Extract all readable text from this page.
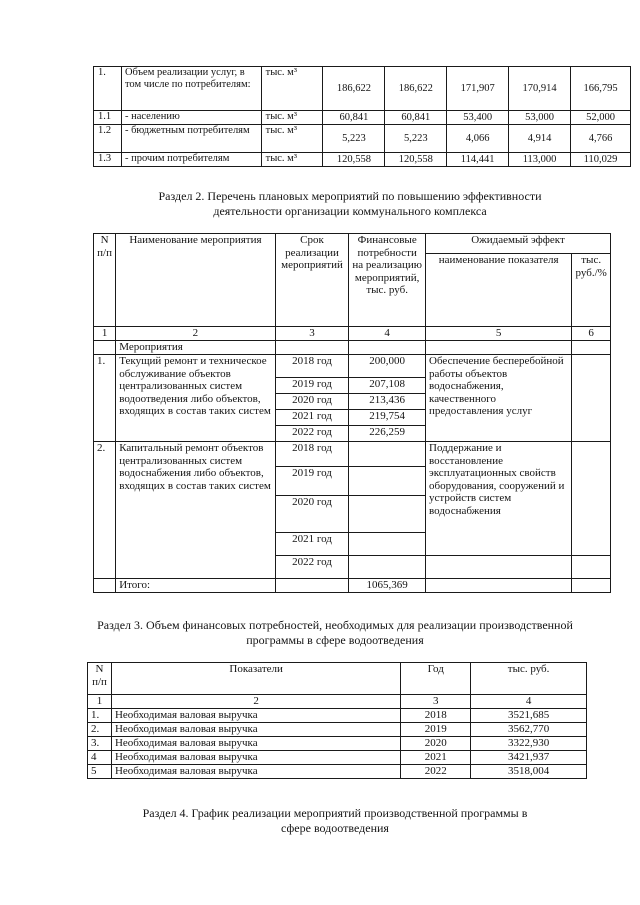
1.	Объем реализации услуг, в том числе по потребителям:	тыс. м³	186,622	186,622	171,907	170,914	166,795
1.1	- населению	тыс. м³	60,841	60,841	53,400	53,000	52,000
1.2	- бюджетным потребителям	тыс. м³	5,223	5,223	4,066	4,914	4,766
1.3	- прочим потребителям	тыс. м³	120,558	120,558	114,441	113,000	110,029
Раздел 2. Перечень плановых мероприятий по повышению эффективности деятельности организации коммунального комплекса
N п/п	Наименование мероприятия	Срок реализации мероприятий	Финансовые потребности на реализацию мероприятий, тыс. руб.	Ожидаемый эффект	
				наименование показателя	тыс. руб./%
1	2	3	4	5	6
	Мероприятия				
1.	Текущий ремонт и техническое обслуживание объектов централизованных систем водоотведения либо объектов, входящих в состав таких систем	2018 год	200,000	Обеспечение бесперебойной работы объектов водоснабжения, качественного предоставления услуг	
		2019 год	207,108		
		2020 год	213,436		
		2021 год	219,754		
		2022 год	226,259		
2.	Капитальный ремонт объектов централизованных систем водоснабжения либо объектов, входящих в состав таких систем	2018 год		Поддержание и восстановление эксплуатационных свойств оборудования, сооружений и устройств систем водоснабжения	
		2019 год			
		2020 год			
		2021 год			
		2022 год			
	Итого:		1065,369		
Раздел 3. Объем финансовых потребностей, необходимых для реализации производственной программы в сфере водоотведения
N п/п	Показатели	Год	тыс. руб.
1	2	3	4
1.	Необходимая валовая выручка	2018	3521,685
2.	Необходимая валовая выручка	2019	3562,770
3.	Необходимая валовая выручка	2020	3322,930
4	Необходимая валовая выручка	2021	3421,937
5	Необходимая валовая выручка	2022	3518,004
Раздел 4. График реализации мероприятий производственной программы в сфере водоотведения
